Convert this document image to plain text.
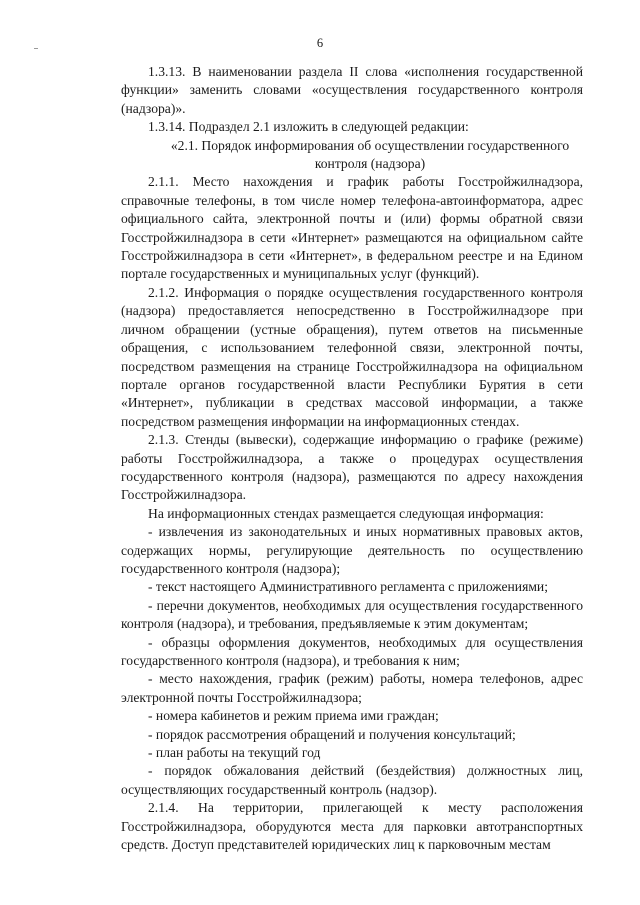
6

1.3.13. В наименовании раздела II слова «исполнения государственной функции» заменить словами «осуществления государственного контроля (надзора)».

1.3.14. Подраздел 2.1 изложить в следующей редакции:

«2.1. Порядок информирования об осуществлении государственного контроля (надзора)

2.1.1. Место нахождения и график работы Госстройжилнадзора, справочные телефоны, в том числе номер телефона-автоинформатора, адрес официального сайта, электронной почты и (или) формы обратной связи Госстройжилнадзора в сети «Интернет» размещаются на официальном сайте Госстройжилнадзора в сети «Интернет», в федеральном реестре и на Едином портале государственных и муниципальных услуг (функций).

2.1.2. Информация о порядке осуществления государственного контроля (надзора) предоставляется непосредственно в Госстройжилнадзоре при личном обращении (устные обращения), путем ответов на письменные обращения, с использованием телефонной связи, электронной почты, посредством размещения на странице Госстройжилнадзора на официальном портале органов государственной власти Республики Бурятия в сети «Интернет», публикации в средствах массовой информации, а также посредством размещения информации на информационных стендах.

2.1.3. Стенды (вывески), содержащие информацию о графике (режиме) работы Госстройжилнадзора, а также о процедурах осуществления государственного контроля (надзора), размещаются по адресу нахождения Госстройжилнадзора.

На информационных стендах размещается следующая информация:

- извлечения из законодательных и иных нормативных правовых актов, содержащих нормы, регулирующие деятельность по осуществлению государственного контроля (надзора);

- текст настоящего Административного регламента с приложениями;

- перечни документов, необходимых для осуществления государственного контроля (надзора), и требования, предъявляемые к этим документам;

- образцы оформления документов, необходимых для осуществления государственного контроля (надзора), и требования к ним;

- место нахождения, график (режим) работы, номера телефонов, адрес электронной почты Госстройжилнадзора;

- номера кабинетов и режим приема ими граждан;

- порядок рассмотрения обращений и получения консультаций;

- план работы на текущий год

- порядок обжалования действий (бездействия) должностных лиц, осуществляющих государственный контроль (надзор).

2.1.4. На территории, прилегающей к месту расположения Госстройжилнадзора, оборудуются места для парковки автотранспортных средств. Доступ представителей юридических лиц к парковочным местам
